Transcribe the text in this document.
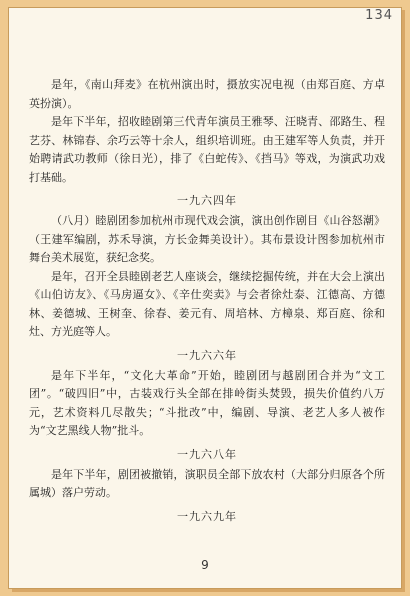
134

是年，《南山拜麦》在杭州演出时，摄放实况电视（由郑百庭、方卓英扮演）。

是年下半年，招收睦剧第三代青年演员王雅琴、汪晓青、邵路生、程艺芬、林锦春、余巧云等十余人，组织培训班。由王建军等人负责，并开始聘请武功教师（徐日光），排了《白蛇传》、《挡马》等戏，为演武功戏打基础。

一九六四年

（八月）睦剧团参加杭州市现代戏会演，演出创作剧目《山谷怒潮》（王建军编剧，苏禾导演，方长金舞美设计）。其布景设计图参加杭州市舞台美术展览，获纪念奖。

是年，召开全县睦剧老艺人座谈会，继续挖掘传统，并在大会上演出《山伯访友》、《马房逼女》、《辛仕奕卖》与会者徐灶泰、江德高、方德林、姜德城、王树奎、徐春、姜元有、周培林、方樟泉、郑百庭、徐和灶、方光庭等人。

一九六六年

是年下半年，“文化大革命”开始，睦剧团与越剧团合并为“文工团”。“破四旧”中，古装戏行头全部在排岭街头焚毁，损失价值约八万元，艺术资料几尽散失；“斗批改”中，编剧、导演、老艺人多人被作为“文艺黑线人物”批斗。

一九六八年

是年下半年，剧团被撤销，演职员全部下放农村（大部分归原各个所属城）落户劳动。

一九六九年
9
